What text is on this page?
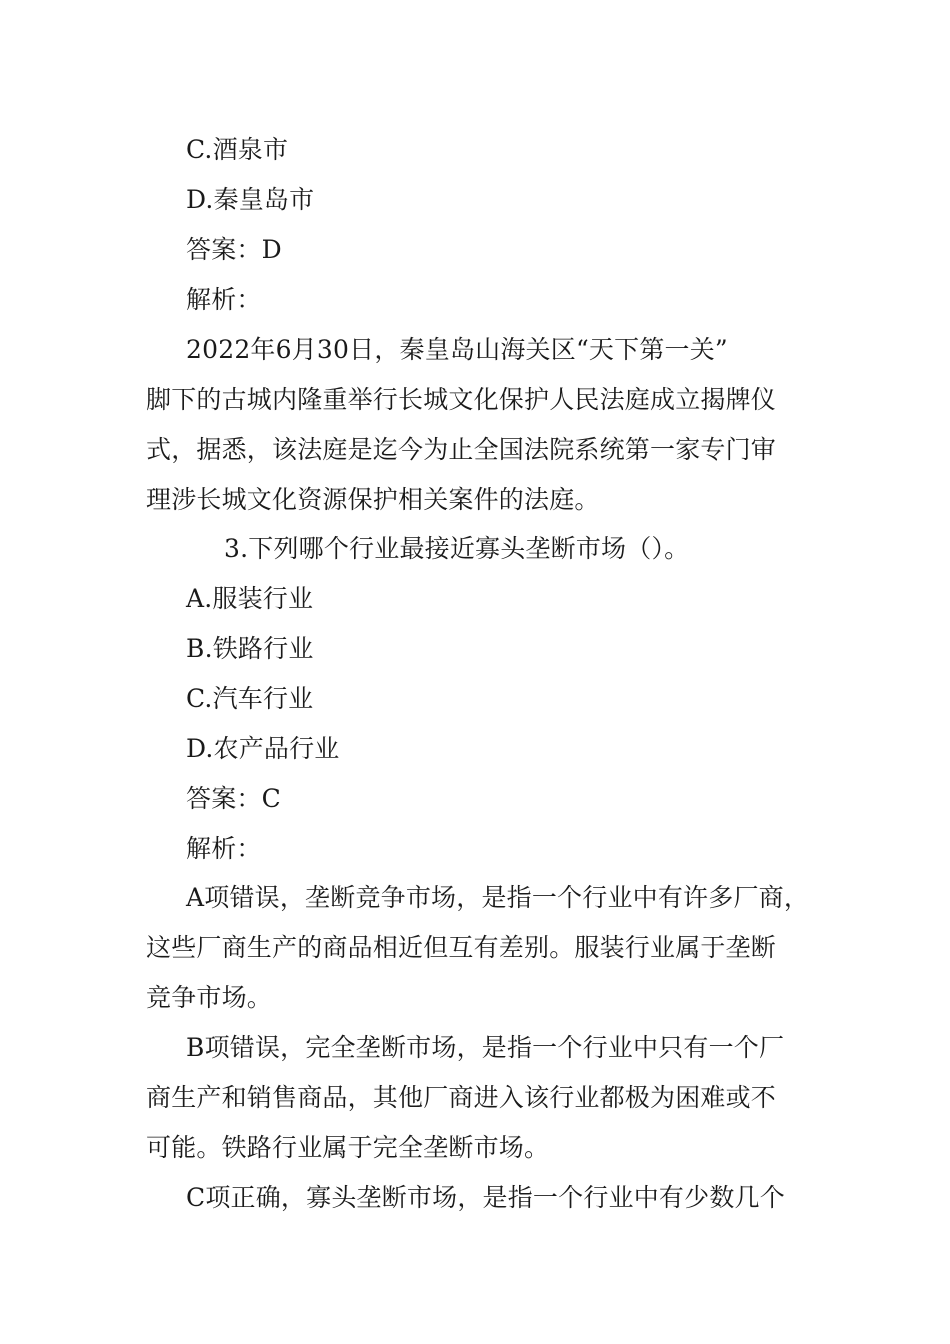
C.酒泉市
D.秦皇岛市
答案：D
解析：
2022年6月30日，秦皇岛山海关区“天下第一关”
脚下的古城内隆重举行长城文化保护人民法庭成立揭牌仪
式，据悉，该法庭是迄今为止全国法院系统第一家专门审
理涉长城文化资源保护相关案件的法庭。
3.下列哪个行业最接近寡头垄断市场（）。
A.服装行业
B.铁路行业
C.汽车行业
D.农产品行业
答案：C
解析：
A项错误，垄断竞争市场，是指一个行业中有许多厂商，
这些厂商生产的商品相近但互有差别。服装行业属于垄断
竞争市场。
B项错误，完全垄断市场，是指一个行业中只有一个厂
商生产和销售商品，其他厂商进入该行业都极为困难或不
可能。铁路行业属于完全垄断市场。
C项正确，寡头垄断市场，是指一个行业中有少数几个
